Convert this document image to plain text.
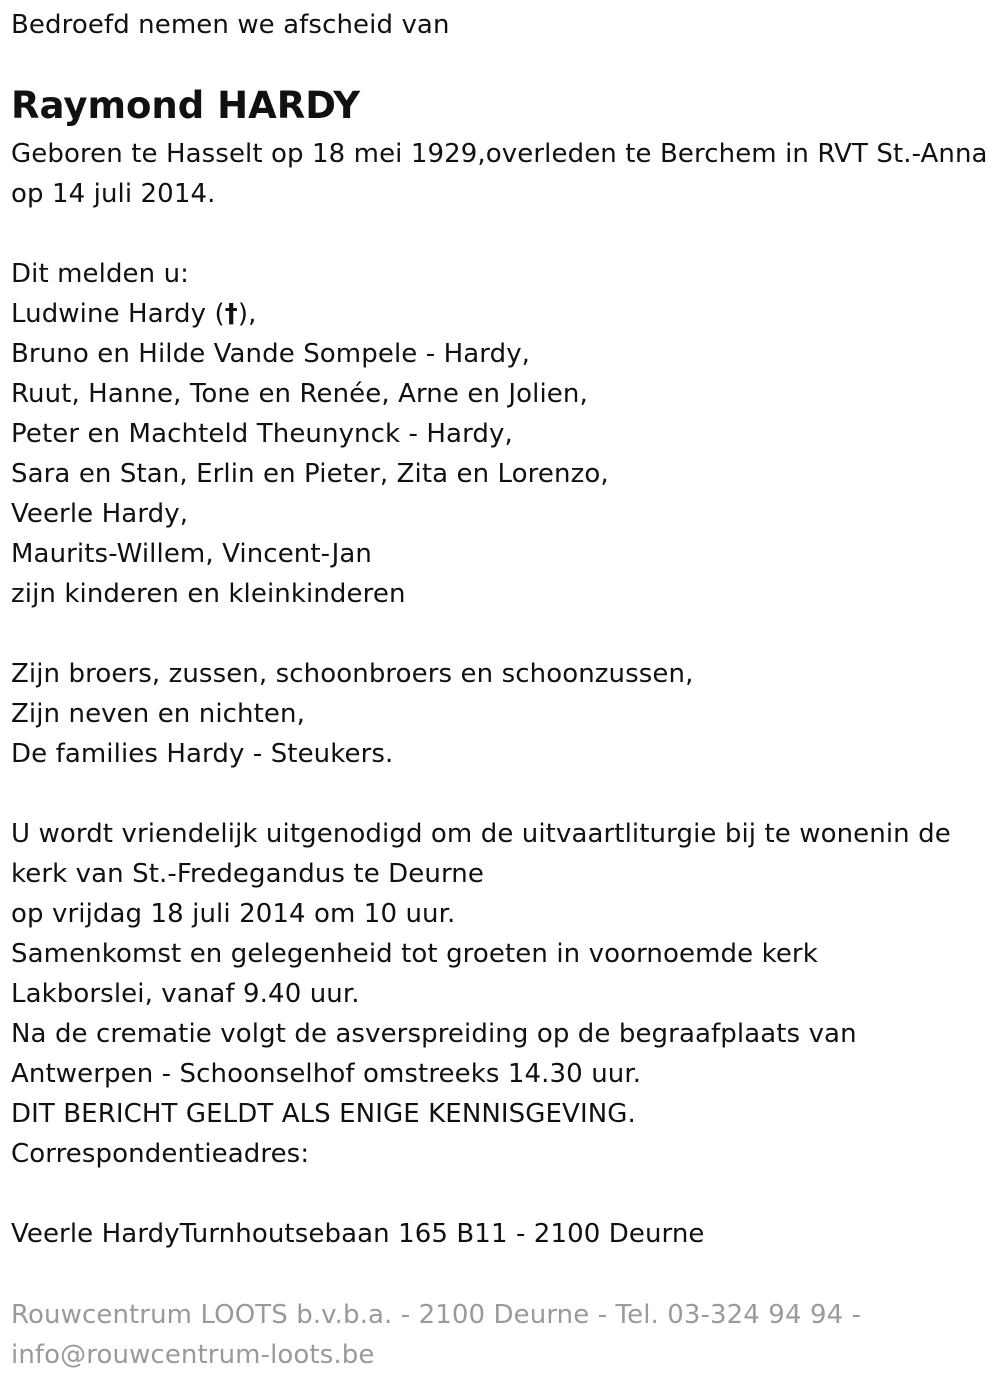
Bedroefd nemen we afscheid van
Raymond HARDY
Geboren te Hasselt op 18 mei 1929,overleden te Berchem in RVT St.-Anna
op 14 juli 2014.
Dit melden u:
Ludwine Hardy (†),
Bruno en Hilde Vande Sompele - Hardy,
Ruut, Hanne, Tone en Renée, Arne en Jolien,
Peter en Machteld Theunynck - Hardy,
Sara en Stan, Erlin en Pieter, Zita en Lorenzo,
Veerle Hardy,
Maurits-Willem, Vincent-Jan
zijn kinderen en kleinkinderen
Zijn broers, zussen, schoonbroers en schoonzussen,
Zijn neven en nichten,
De families Hardy - Steukers.
U wordt vriendelijk uitgenodigd om de uitvaartliturgie bij te wonenin de
kerk van St.-Fredegandus te Deurne
op vrijdag 18 juli 2014 om 10 uur.
Samenkomst en gelegenheid tot groeten in voornoemde kerk
Lakborslei, vanaf 9.40 uur.
Na de crematie volgt de asverspreiding op de begraafplaats van
Antwerpen - Schoonselhof omstreeks 14.30 uur.
DIT BERICHT GELDT ALS ENIGE KENNISGEVING.
Correspondentieadres:
Veerle HardyTurnhoutsebaan 165 B11 - 2100 Deurne
Rouwcentrum LOOTS b.v.b.a. - 2100 Deurne - Tel. 03-324 94 94 -
info@rouwcentrum-loots.be
